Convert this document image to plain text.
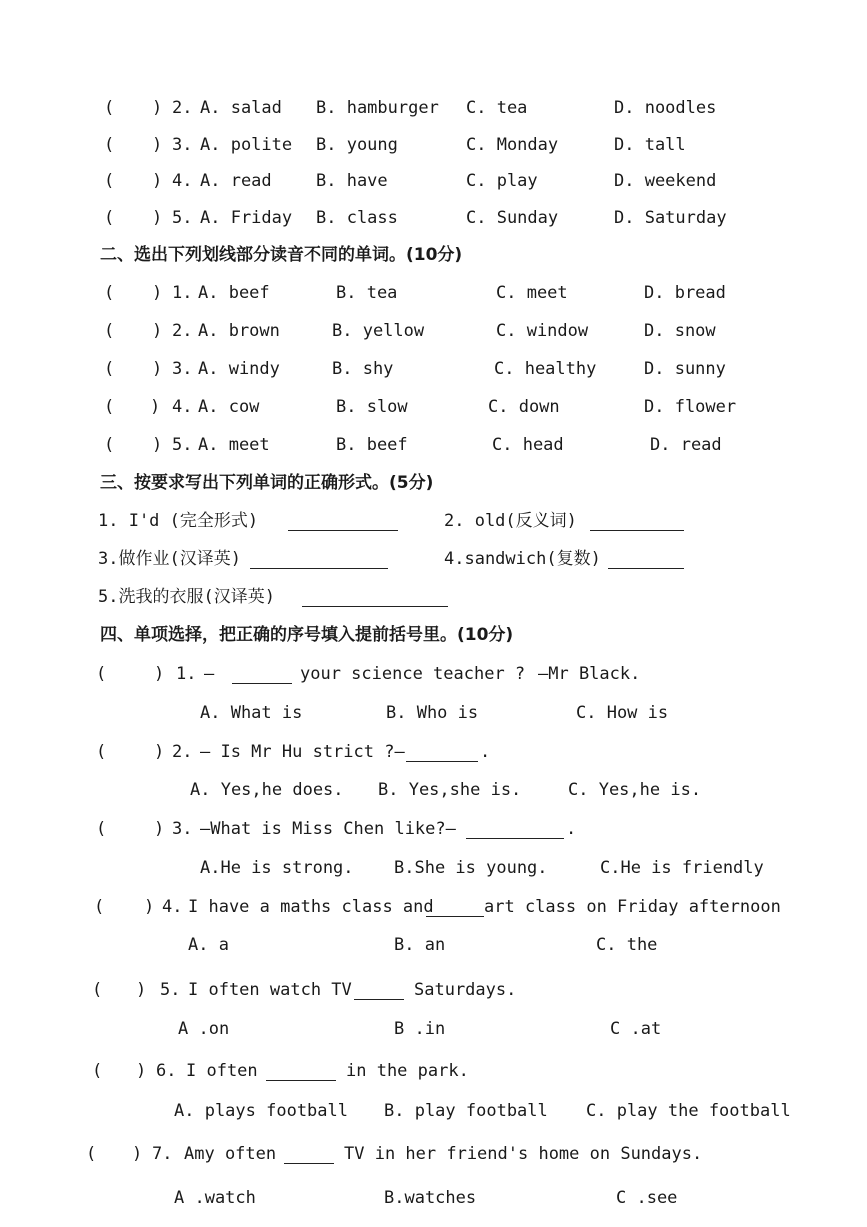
( ) 2. A. salad B. hamburger C. tea	D. noodles
( ) 3. A. polite B. young	C. Monday	D. tall
( ) 4. A. read	B. have	C. play	D. weekend
( ) 5. A. Friday B. class	C. Sunday	D. Saturday
二、选出下列划线部分读音不同的单词。(10分)
( ) 1. A. beef	B. tea	C. meet	D. bread
( ) 2. A. brown	B. yellow	C. window	D. snow
( ) 3. A. windy	B. shy	C. healthy	D. sunny
( ) 4. A. cow	B. slow	C. down	D. flower
( ) 5. A. meet	B. beef	C. head	D. read
三、按要求写出下列单词的正确形式。(5分)
1. I'd (完全形式)	2. old(反义词)
3.做作业(汉译英)	4.sandwich(复数)
5.洗我的衣服(汉译英)
四、单项选择，把正确的序号填入提前括号里。(10分)
(	) 1. —	your science teacher ? —Mr Black.
A. What is	B. Who is	C. How is
(	) 2. — Is Mr Hu strict ?—	.
A. Yes,he does. B. Yes,she is.	C. Yes,he is.
(	) 3. —What is Miss Chen like?—	.
A.He is strong. B.She is young.	C.He is friendly
( ) 4. I have a maths class and	art class on Friday afternoon
A. a	B. an	C. the
( ) 5. I often watch TV	Saturdays.
A .on	B .in	C .at
( ) 6. I often	in the park.
A. plays football B. play football C. play the football
( ) 7. Amy often	TV in her friend's home on Sundays.
A .watch	B.watches	C .see
